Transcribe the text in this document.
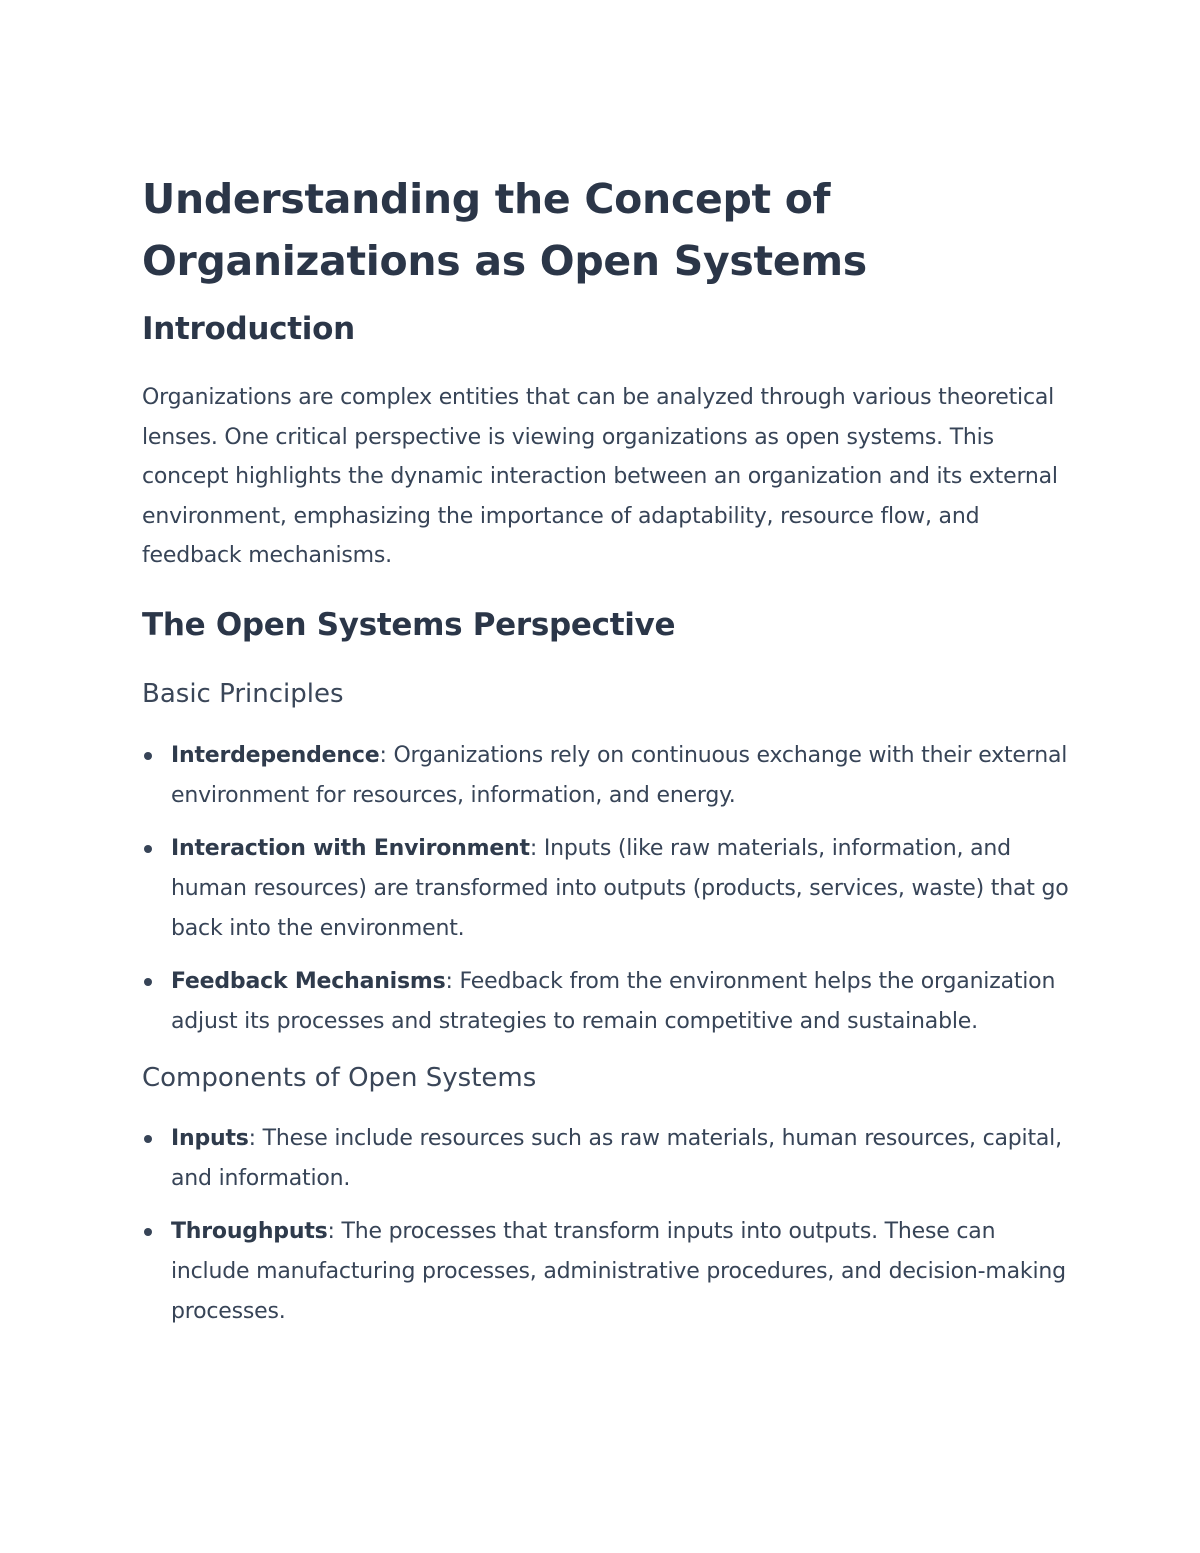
Understanding the Concept of Organizations as Open Systems
Introduction

Organizations are complex entities that can be analyzed through various theoretical lenses. One critical perspective is viewing organizations as open systems. This concept highlights the dynamic interaction between an organization and its external environment, emphasizing the importance of adaptability, resource flow, and feedback mechanisms.

The Open Systems Perspective
Basic Principles
Interdependence: Organizations rely on continuous exchange with their external environment for resources, information, and energy.
Interaction with Environment: Inputs (like raw materials, information, and human resources) are transformed into outputs (products, services, waste) that go back into the environment.
Feedback Mechanisms: Feedback from the environment helps the organization adjust its processes and strategies to remain competitive and sustainable.
Components of Open Systems
Inputs: These include resources such as raw materials, human resources, capital, and information.
Throughputs: The processes that transform inputs into outputs. These can include manufacturing processes, administrative procedures, and decision-making processes.
